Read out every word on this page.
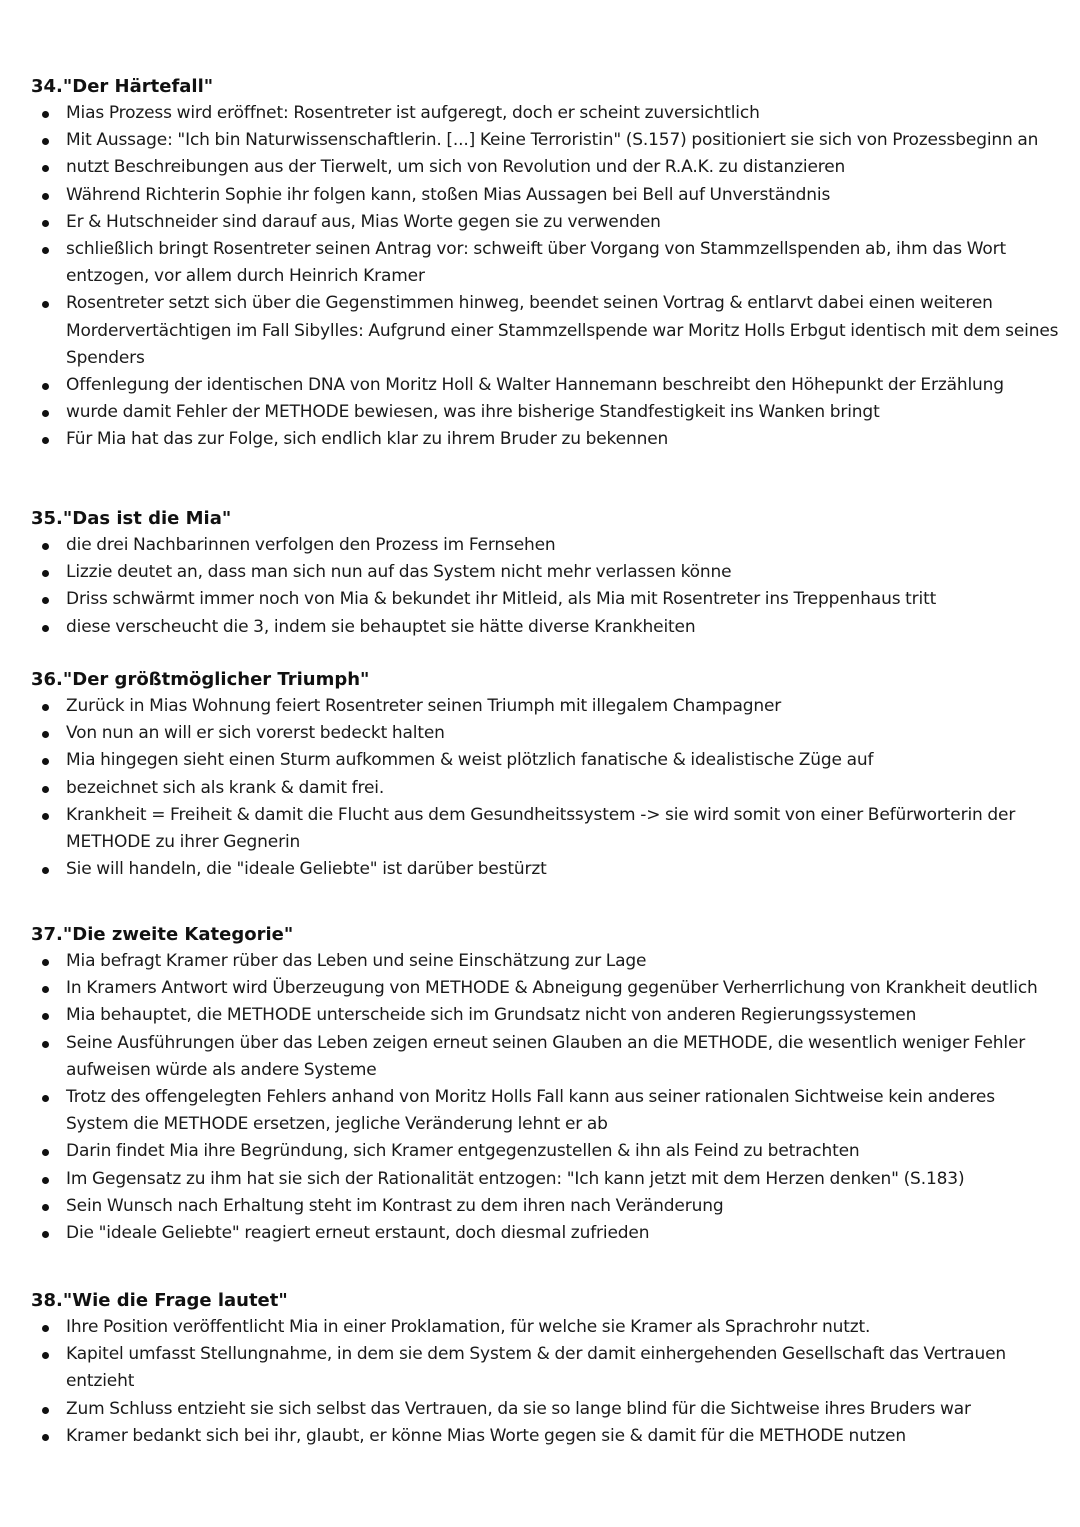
34."Der Härtefall"
Mias Prozess wird eröffnet: Rosentreter ist aufgeregt, doch er scheint zuversichtlich
Mit Aussage: "Ich bin Naturwissenschaftlerin. [...] Keine Terroristin" (S.157) positioniert sie sich von Prozessbeginn an
nutzt Beschreibungen aus der Tierwelt, um sich von Revolution und der R.A.K. zu distanzieren
Während Richterin Sophie ihr folgen kann, stoßen Mias Aussagen bei Bell auf Unverständnis
Er & Hutschneider sind darauf aus, Mias Worte gegen sie zu verwenden
schließlich bringt Rosentreter seinen Antrag vor: schweift über Vorgang von Stammzellspenden ab, ihm das Wort entzogen, vor allem durch Heinrich Kramer
Rosentreter setzt sich über die Gegenstimmen hinweg, beendet seinen Vortrag & entlarvt dabei einen weiteren Mordervertächtigen im Fall Sibylles: Aufgrund einer Stammzellspende war Moritz Holls Erbgut identisch mit dem seines Spenders
Offenlegung der identischen DNA von Moritz Holl & Walter Hannemann beschreibt den Höhepunkt der Erzählung
wurde damit Fehler der METHODE bewiesen, was ihre bisherige Standfestigkeit ins Wanken bringt
Für Mia hat das zur Folge, sich endlich klar zu ihrem Bruder zu bekennen
35."Das ist die Mia"
die drei Nachbarinnen verfolgen den Prozess im Fernsehen
Lizzie deutet an, dass man sich nun auf das System nicht mehr verlassen könne
Driss schwärmt immer noch von Mia & bekundet ihr Mitleid, als Mia mit Rosentreter ins Treppenhaus tritt
diese verscheucht die 3, indem sie behauptet sie hätte diverse Krankheiten
36."Der größtmöglicher Triumph"
Zurück in Mias Wohnung feiert Rosentreter seinen Triumph mit illegalem Champagner
Von nun an will er sich vorerst bedeckt halten
Mia hingegen sieht einen Sturm aufkommen & weist plötzlich fanatische & idealistische Züge auf
bezeichnet sich als krank & damit frei.
Krankheit = Freiheit & damit die Flucht aus dem Gesundheitssystem -> sie wird somit von einer Befürworterin der METHODE zu ihrer Gegnerin
Sie will handeln, die "ideale Geliebte" ist darüber bestürzt
37."Die zweite Kategorie"
Mia befragt Kramer rüber das Leben und seine Einschätzung zur Lage
In Kramers Antwort wird Überzeugung von METHODE & Abneigung gegenüber Verherrlichung von Krankheit deutlich
Mia behauptet, die METHODE unterscheide sich im Grundsatz nicht von anderen Regierungssystemen
Seine Ausführungen über das Leben zeigen erneut seinen Glauben an die METHODE, die wesentlich weniger Fehler aufweisen würde als andere Systeme
Trotz des offengelegten Fehlers anhand von Moritz Holls Fall kann aus seiner rationalen Sichtweise kein anderes System die METHODE ersetzen, jegliche Veränderung lehnt er ab
Darin findet Mia ihre Begründung, sich Kramer entgegenzustellen & ihn als Feind zu betrachten
Im Gegensatz zu ihm hat sie sich der Rationalität entzogen: "Ich kann jetzt mit dem Herzen denken" (S.183)
Sein Wunsch nach Erhaltung steht im Kontrast zu dem ihren nach Veränderung
Die "ideale Geliebte" reagiert erneut erstaunt, doch diesmal zufrieden
38."Wie die Frage lautet"
Ihre Position veröffentlicht Mia in einer Proklamation, für welche sie Kramer als Sprachrohr nutzt.
Kapitel umfasst Stellungnahme, in dem sie dem System & der damit einhergehenden Gesellschaft das Vertrauen entzieht
Zum Schluss entzieht sie sich selbst das Vertrauen, da sie so lange blind für die Sichtweise ihres Bruders war
Kramer bedankt sich bei ihr, glaubt, er könne Mias Worte gegen sie & damit für die METHODE nutzen
